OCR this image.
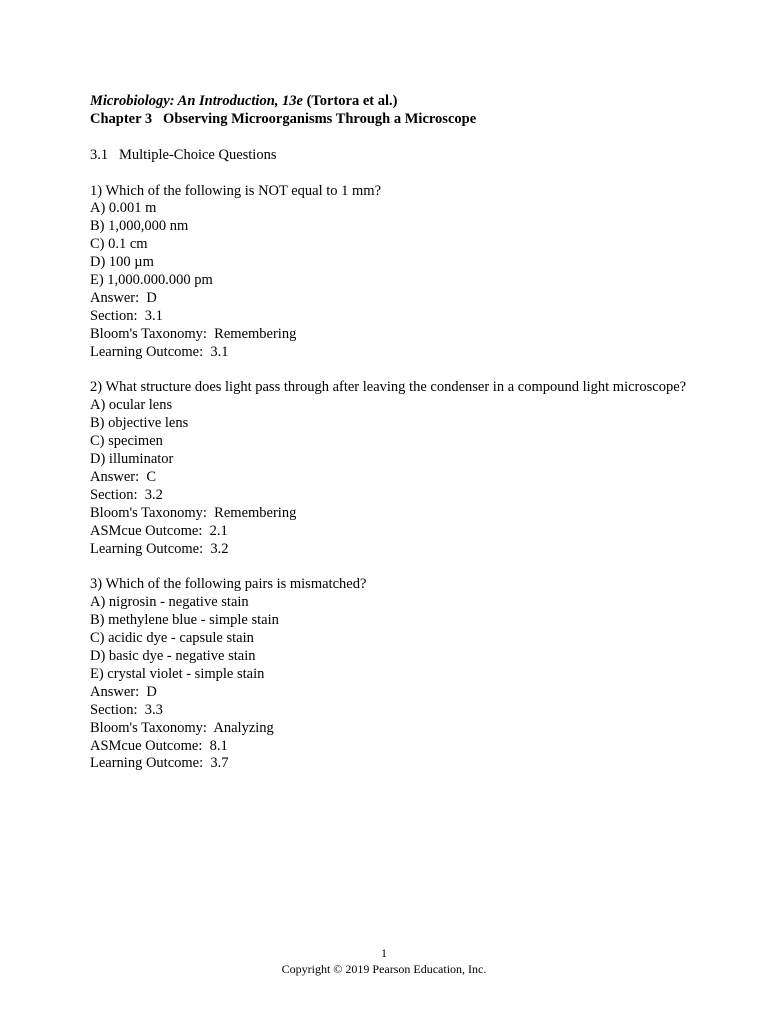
Microbiology: An Introduction, 13e (Tortora et al.)
Chapter 3   Observing Microorganisms Through a Microscope
3.1   Multiple-Choice Questions
1) Which of the following is NOT equal to 1 mm?
A) 0.001 m
B) 1,000,000 nm
C) 0.1 cm
D) 100 µm
E) 1,000.000.000 pm
Answer:  D
Section:  3.1
Bloom's Taxonomy:  Remembering
Learning Outcome:  3.1
2) What structure does light pass through after leaving the condenser in a compound light microscope?
A) ocular lens
B) objective lens
C) specimen
D) illuminator
Answer:  C
Section:  3.2
Bloom's Taxonomy:  Remembering
ASMcue Outcome:  2.1
Learning Outcome:  3.2
3) Which of the following pairs is mismatched?
A) nigrosin - negative stain
B) methylene blue - simple stain
C) acidic dye - capsule stain
D) basic dye - negative stain
E) crystal violet - simple stain
Answer:  D
Section:  3.3
Bloom's Taxonomy:  Analyzing
ASMcue Outcome:  8.1
Learning Outcome:  3.7
1
Copyright © 2019 Pearson Education, Inc.
